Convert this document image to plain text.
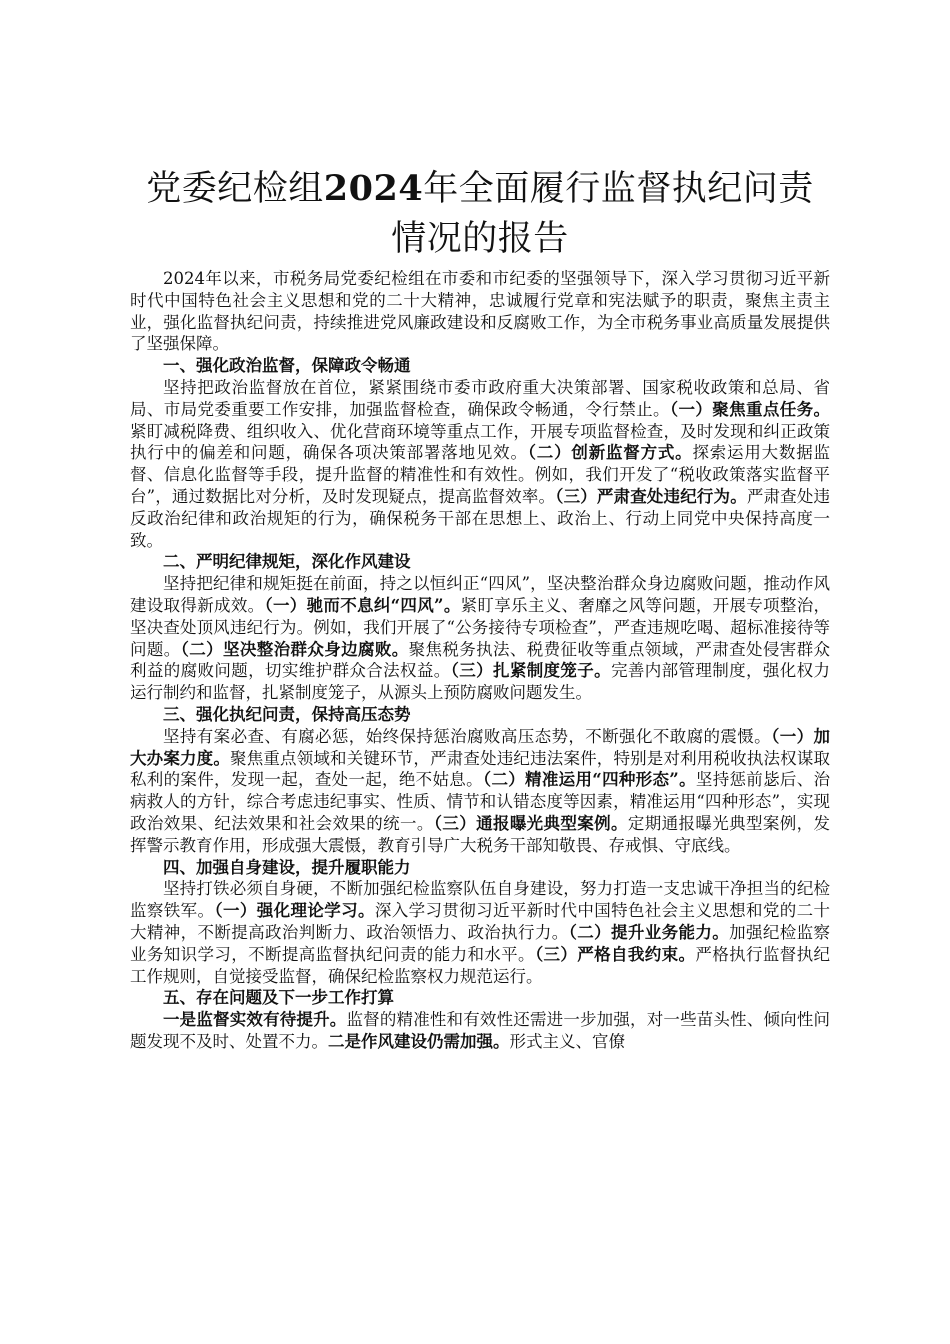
党委纪检组2024年全面履行监督执纪问责情况的报告

2024年以来，市税务局党委纪检组在市委和市纪委的坚强领导下，深入学习贯彻习近平新时代中国特色社会主义思想和党的二十大精神，忠诚履行党章和宪法赋予的职责，聚焦主责主业，强化监督执纪问责，持续推进党风廉政建设和反腐败工作，为全市税务事业高质量发展提供了坚强保障。

一、强化政治监督，保障政令畅通

坚持把政治监督放在首位，紧紧围绕市委市政府重大决策部署、国家税收政策和总局、省局、市局党委重要工作安排，加强监督检查，确保政令畅通，令行禁止。（一）聚焦重点任务。紧盯减税降费、组织收入、优化营商环境等重点工作，开展专项监督检查，及时发现和纠正政策执行中的偏差和问题，确保各项决策部署落地见效。（二）创新监督方式。探索运用大数据监督、信息化监督等手段，提升监督的精准性和有效性。例如，我们开发了“税收政策落实监督平台”，通过数据比对分析，及时发现疑点，提高监督效率。（三）严肃查处违纪行为。严肃查处违反政治纪律和政治规矩的行为，确保税务干部在思想上、政治上、行动上同党中央保持高度一致。

二、严明纪律规矩，深化作风建设

坚持把纪律和规矩挺在前面，持之以恒纠正“四风”，坚决整治群众身边腐败问题，推动作风建设取得新成效。（一）驰而不息纠“四风”。紧盯享乐主义、奢靡之风等问题，开展专项整治，坚决查处顶风违纪行为。例如，我们开展了“公务接待专项检查”，严查违规吃喝、超标准接待等问题。（二）坚决整治群众身边腐败。聚焦税务执法、税费征收等重点领域，严肃查处侵害群众利益的腐败问题，切实维护群众合法权益。（三）扎紧制度笼子。完善内部管理制度，强化权力运行制约和监督，扎紧制度笼子，从源头上预防腐败问题发生。

三、强化执纪问责，保持高压态势

坚持有案必查、有腐必惩，始终保持惩治腐败高压态势，不断强化不敢腐的震慑。（一）加大办案力度。聚焦重点领域和关键环节，严肃查处违纪违法案件，特别是对利用税收执法权谋取私利的案件，发现一起，查处一起，绝不姑息。（二）精准运用“四种形态”。坚持惩前毖后、治病救人的方针，综合考虑违纪事实、性质、情节和认错态度等因素，精准运用“四种形态”，实现政治效果、纪法效果和社会效果的统一。（三）通报曝光典型案例。定期通报曝光典型案例，发挥警示教育作用，形成强大震慑，教育引导广大税务干部知敬畏、存戒惧、守底线。

四、加强自身建设，提升履职能力

坚持打铁必须自身硬，不断加强纪检监察队伍自身建设，努力打造一支忠诚干净担当的纪检监察铁军。（一）强化理论学习。深入学习贯彻习近平新时代中国特色社会主义思想和党的二十大精神，不断提高政治判断力、政治领悟力、政治执行力。（二）提升业务能力。加强纪检监察业务知识学习，不断提高监督执纪问责的能力和水平。（三）严格自我约束。严格执行监督执纪工作规则，自觉接受监督，确保纪检监察权力规范运行。

五、存在问题及下一步工作打算

一是监督实效有待提升。监督的精准性和有效性还需进一步加强，对一些苗头性、倾向性问题发现不及时、处置不力。二是作风建设仍需加强。形式主义、官僚
